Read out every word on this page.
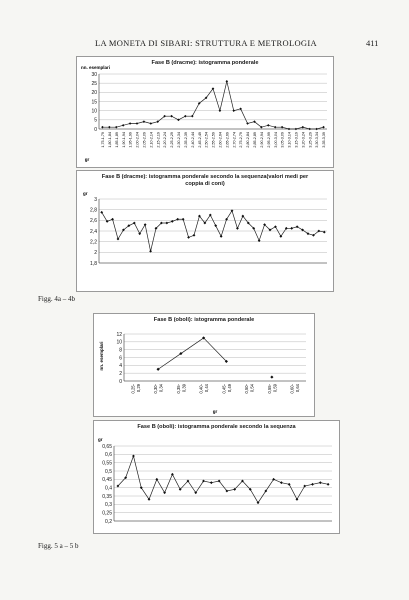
LA MONETA DI SIBARI: STRUTTURA E METROLOGIA	411
Fase B (dracme): istogramma ponderale
0
5
10
15
20
25
30
nn. esemplari
gr
1,75-1,79 1,80-1,84 1,85-1,89 1,90-1,94 1,95-1,99 2,00-2,04 2,05-2,09 2,10-2,14 2,15-2,19 2,20-2,24 2,25-2,29 2,30-2,34 2,35-2,39 2,40-2,44 2,45-2,49 2,50-2,54 2,55-2,59 2,60-2,64 2,65-2,69 2,70-2,74 2,75-2,79 2,80-2,84 2,85-2,89 2,90-2,94 2,95-2,99 3,00-3,04 3,05-3,09 3,10-3,14 3,15-3,19 3,20-3,24 3,25-3,29 3,30-3,34 3,35-3,39
Fase B (dracme): istogramma ponderale secondo la sequenza(valori medi per coppia di coni)
1,8
2
2,2
2,4
2,6
2,8
3
gr
Figg. 4a – 4b
Fase B (oboli): istogramma ponderale
0
2
4
6
8
10
12
nn. esemplari
gr
0,25- 0,29	0,30- 0,34	0,35- 0,39	0,40- 0,44	0,45- 0,49	0,50- 0,54	0,55- 0,59	0,60- 0,64
Fase B (oboli): istogramma ponderale secondo la sequenza
0,2
0,25
0,3
0,35
0,4
0,45
0,5
0,55
0,6
0,65
gr
Figg. 5 a – 5 b
